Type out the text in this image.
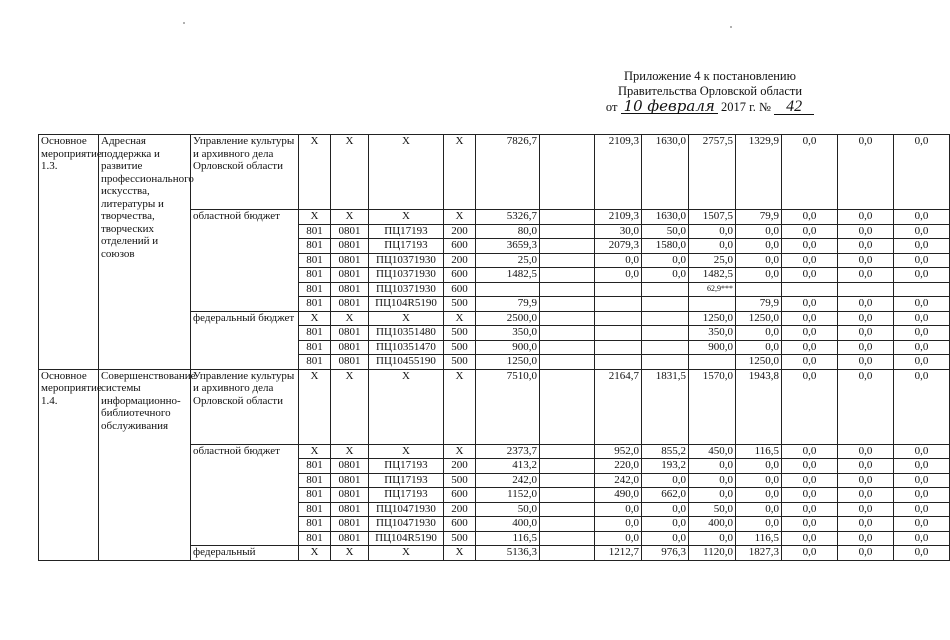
Приложение 4 к постановлению
Правительства Орловской области
от 10 февраля 2017 г. № 42
Основное мероприятие 1.3.	Адресная поддержка и развитие профессионального искусства, литературы и творчества, творческих отделений и союзов	Управление культуры и архивного дела Орловской области	Х	Х	Х	Х	7826,7		2109,3	1630,0	2757,5	1329,9	0,0	0,0	0,0
		областной бюджет	Х	Х	Х	Х	5326,7		2109,3	1630,0	1507,5	79,9	0,0	0,0	0,0
			801	0801	ПЦ17193	200	80,0		30,0	50,0	0,0	0,0	0,0	0,0	0,0
			801	0801	ПЦ17193	600	3659,3		2079,3	1580,0	0,0	0,0	0,0	0,0	0,0
			801	0801	ПЦ10371930	200	25,0		0,0	0,0	25,0	0,0	0,0	0,0	0,0
			801	0801	ПЦ10371930	600	1482,5		0,0	0,0	1482,5	0,0	0,0	0,0	0,0
			801	0801	ПЦ10371930	600					62,9***				
			801	0801	ПЦ104R5190	500	79,9					79,9	0,0	0,0	0,0
		федеральный бюджет	Х	Х	Х	Х	2500,0				1250,0	1250,0	0,0	0,0	0,0
			801	0801	ПЦ10351480	500	350,0				350,0	0,0	0,0	0,0	0,0
			801	0801	ПЦ10351470	500	900,0				900,0	0,0	0,0	0,0	0,0
			801	0801	ПЦ10455190	500	1250,0					1250,0	0,0	0,0	0,0
Основное мероприятие 1.4.	Совершенствование системы информационно-библиотечного обслуживания	Управление культуры и архивного дела Орловской области	Х	Х	Х	Х	7510,0		2164,7	1831,5	1570,0	1943,8	0,0	0,0	0,0
		областной бюджет	Х	Х	Х	Х	2373,7		952,0	855,2	450,0	116,5	0,0	0,0	0,0
			801	0801	ПЦ17193	200	413,2		220,0	193,2	0,0	0,0	0,0	0,0	0,0
			801	0801	ПЦ17193	500	242,0		242,0	0,0	0,0	0,0	0,0	0,0	0,0
			801	0801	ПЦ17193	600	1152,0		490,0	662,0	0,0	0,0	0,0	0,0	0,0
			801	0801	ПЦ10471930	200	50,0		0,0	0,0	50,0	0,0	0,0	0,0	0,0
			801	0801	ПЦ10471930	600	400,0		0,0	0,0	400,0	0,0	0,0	0,0	0,0
			801	0801	ПЦ104R5190	500	116,5		0,0	0,0	0,0	116,5	0,0	0,0	0,0
		федеральный	Х	Х	Х	Х	5136,3		1212,7	976,3	1120,0	1827,3	0,0	0,0	0,0
